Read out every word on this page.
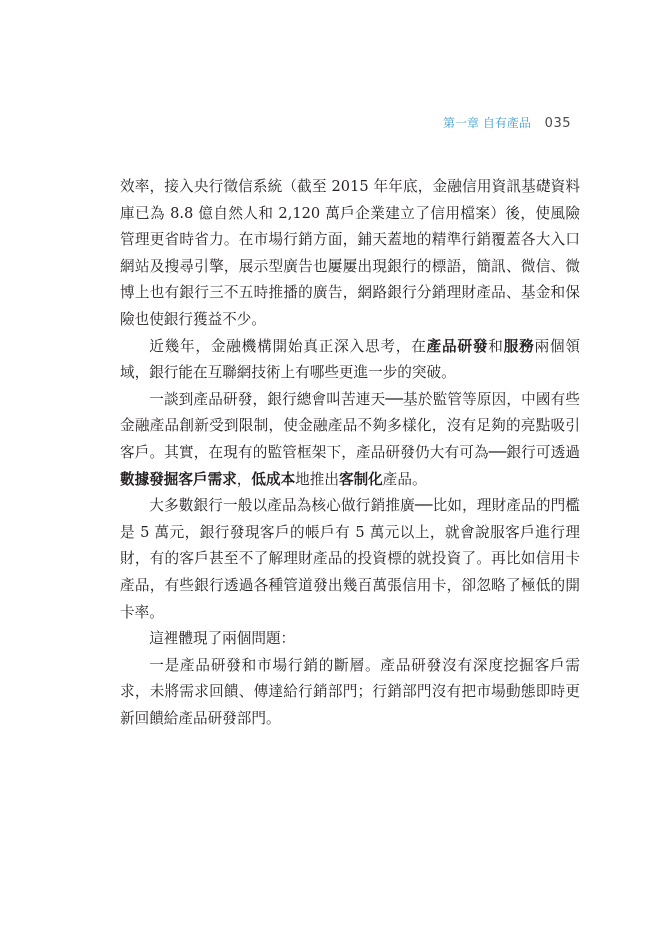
第一章 自有產品 035

效率，接入央行徵信系統（截至 2015 年年底，金融信用資訊基礎資料庫已為 8.8 億自然人和 2,120 萬戶企業建立了信用檔案）後，使風險管理更省時省力。在市場行銷方面，鋪天蓋地的精準行銷覆蓋各大入口網站及搜尋引擎，展示型廣告也屢屢出現銀行的標語，簡訊、微信、微博上也有銀行三不五時推播的廣告，網路銀行分銷理財產品、基金和保險也使銀行獲益不少。

近幾年，金融機構開始真正深入思考，在產品研發和服務兩個領域，銀行能在互聯網技術上有哪些更進一步的突破。

一談到產品研發，銀行總會叫苦連天──基於監管等原因，中國有些金融產品創新受到限制，使金融產品不夠多樣化，沒有足夠的亮點吸引客戶。其實，在現有的監管框架下，產品研發仍大有可為──銀行可透過數據發掘客戶需求，低成本地推出客制化產品。

大多數銀行一般以產品為核心做行銷推廣──比如，理財產品的門檻是 5 萬元，銀行發現客戶的帳戶有 5 萬元以上，就會說服客戶進行理財，有的客戶甚至不了解理財產品的投資標的就投資了。再比如信用卡產品，有些銀行透過各種管道發出幾百萬張信用卡，卻忽略了極低的開卡率。

這裡體現了兩個問題：

一是產品研發和市場行銷的斷層。產品研發沒有深度挖掘客戶需求，未將需求回饋、傳達給行銷部門；行銷部門沒有把市場動態即時更新回饋給產品研發部門。
